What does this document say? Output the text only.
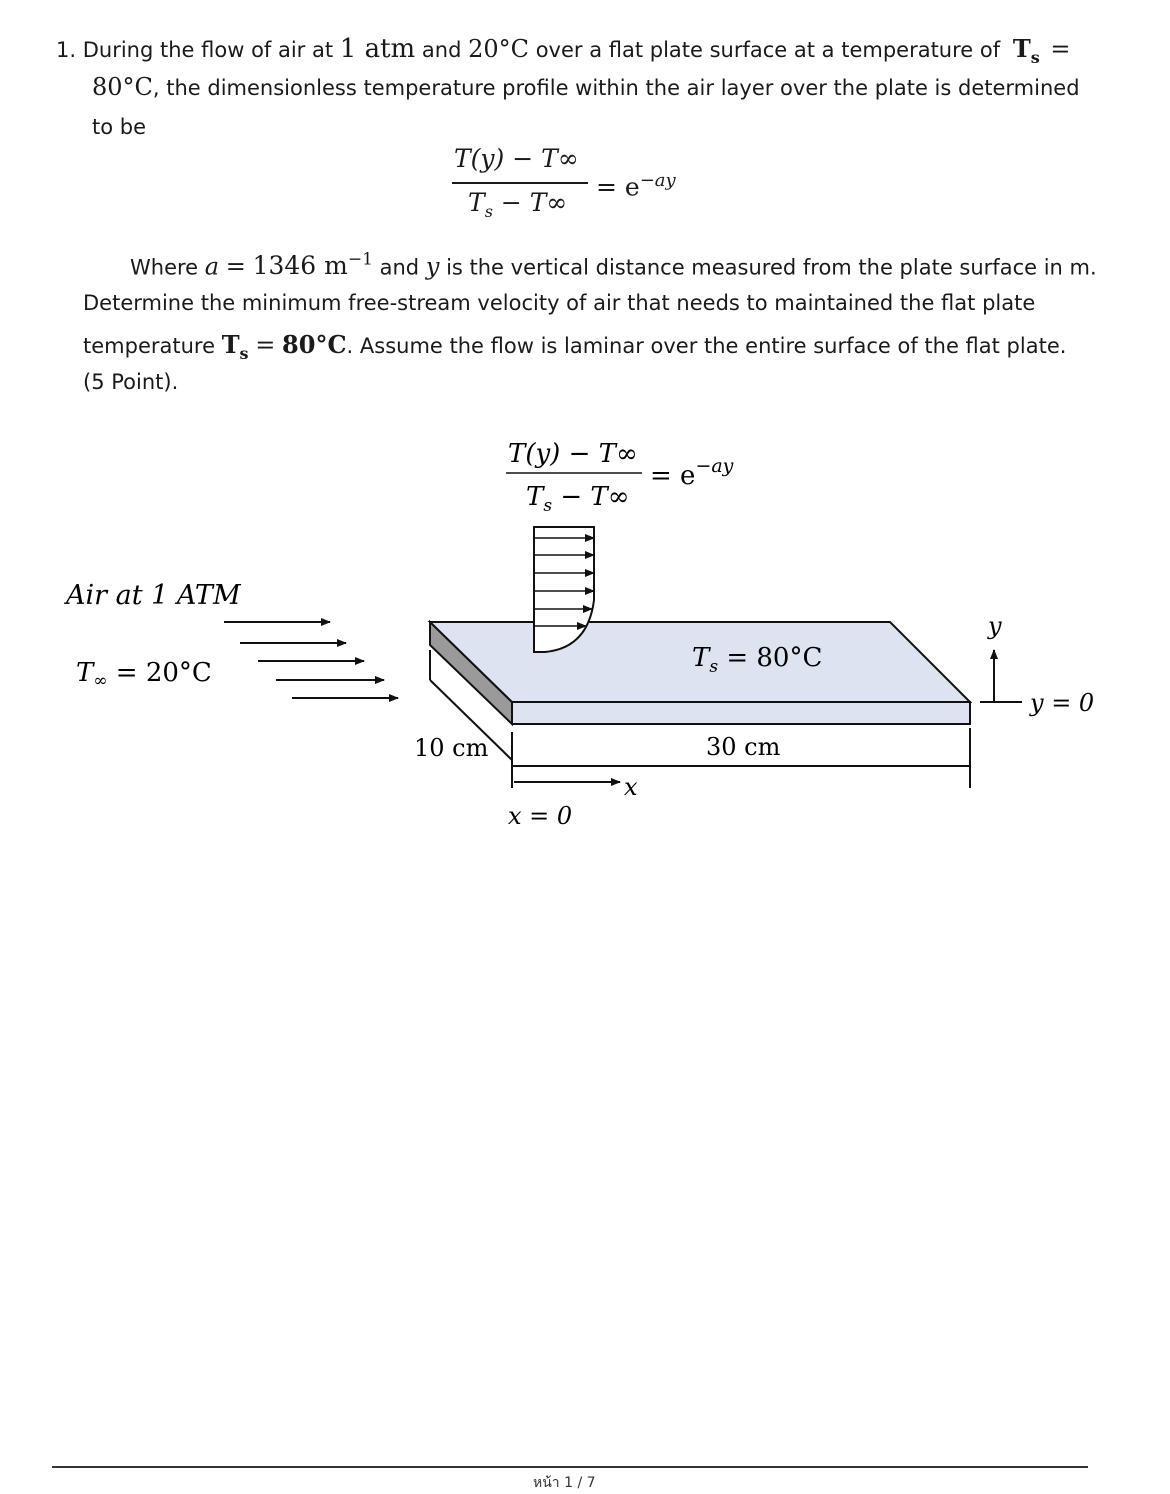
1. During the flow of air at 1 atm and 20°C over a flat plate surface at a temperature of $T_s$ =
80°C, the dimensionless temperature profile within the air layer over the plate is determined
to be
T(y) − T∞
$T_s - T\infty$
= $e^{-ay}$
Where a = 1346 $m^{-1}$ and y is the vertical distance measured from the plate surface in m.
Determine the minimum free-stream velocity of air that needs to maintained the flat plate
temperature $T_s = 80^\circ C$. Assume the flow is laminar over the entire surface of the flat plate.
(5 Point).
T(y) − T∞
$T_s - T\infty$
= $e^{-ay}$
Air at 1 ATM
T∞ = 20°C	$T_s = 80^\circ C$
10 cm	30 cm
x
x = 0
y
y = 0
หน้า 1 / 7
